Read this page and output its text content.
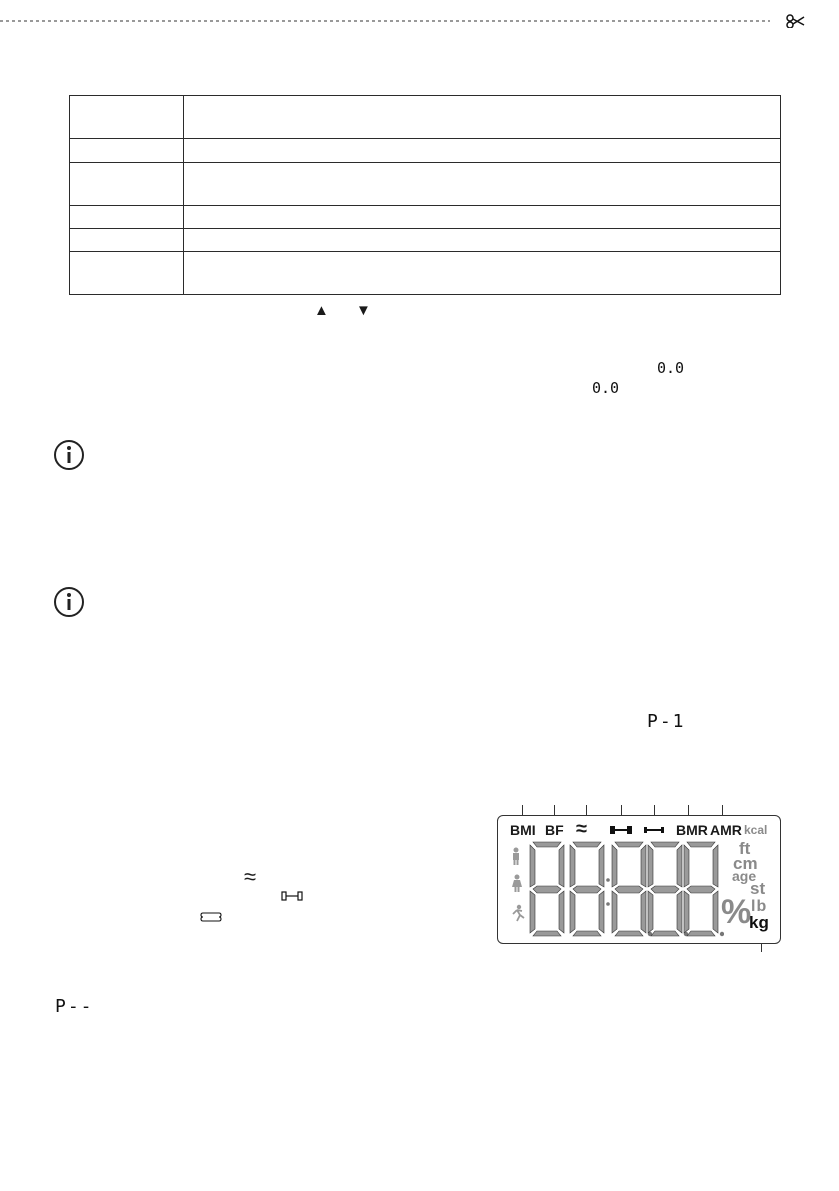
▲ ▼
0.0
0.0
P-1
≈
P--
BMI BF ≈	BMR AMR kcal
%
ft
cm
age
st
lb
kg
